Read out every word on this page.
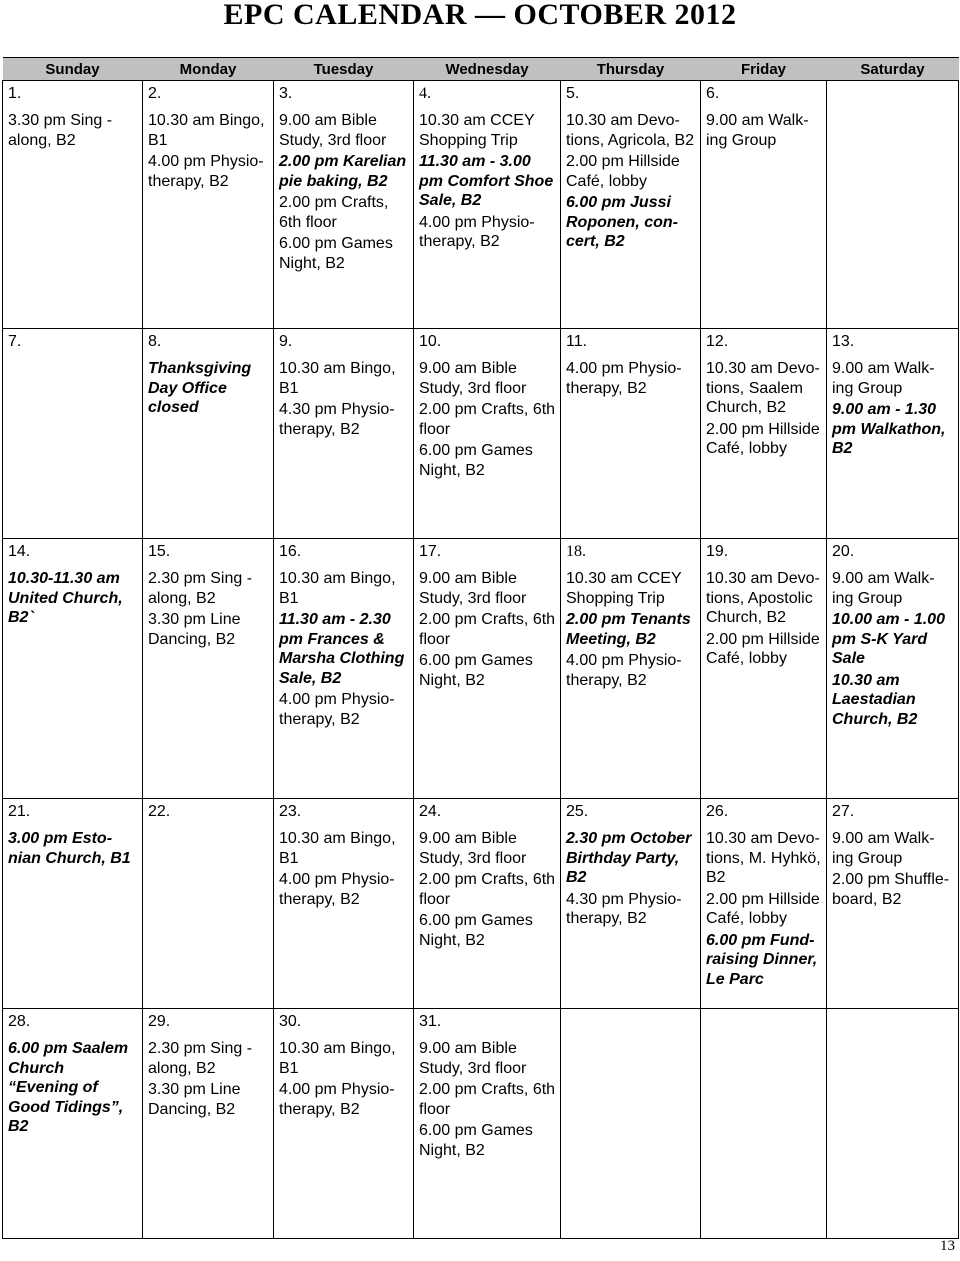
EPC CALENDAR — OCTOBER 2012
Sunday	Monday	Tuesday	Wednesday	Thursday	Friday	Saturday

1.
3.30 pm Sing - along, B2	2.
10.30 am Bingo, B1
4.00 pm Physio-therapy, B2	3.
9.00 am Bible Study, 3rd floor
2.00 pm Karelian pie baking, B2
2.00 pm Crafts, 6th floor
6.00 pm Games Night, B2	4.
10.30 am CCEY Shopping Trip
11.30 am - 3.00 pm Comfort Shoe Sale, B2
4.00 pm Physio-therapy, B2	5.
10.30 am Devo-tions, Agricola, B2
2.00 pm Hillside Café, lobby
6.00 pm Jussi Roponen, con-cert, B2	6.
9.00 am Walk-ing Group	

7.	8.
Thanksgiving Day Office closed	9.
10.30 am Bingo, B1
4.30 pm Physio-therapy, B2	10.
9.00 am Bible Study, 3rd floor
2.00 pm Crafts, 6th floor
6.00 pm Games Night, B2	11.
4.00 pm Physio-therapy, B2	12.
10.30 am Devo-tions, Saalem Church, B2
2.00 pm Hillside Café, lobby	13.
9.00 am Walk-ing Group
9.00 am - 1.30 pm Walkathon, B2

14.
10.30-11.30 am United Church, B2`	15.
2.30 pm Sing - along, B2
3.30 pm Line Dancing, B2	16.
10.30 am Bingo, B1
11.30 am - 2.30 pm Frances & Marsha Clothing Sale, B2
4.00 pm Physio-therapy, B2	17.
9.00 am Bible Study, 3rd floor
2.00 pm Crafts, 6th floor
6.00 pm Games Night, B2	18.
10.30 am CCEY Shopping Trip
2.00 pm Tenants Meeting, B2
4.00 pm Physio-therapy, B2	19.
10.30 am Devo-tions, Apostolic Church, B2
2.00 pm Hillside Café, lobby	20.
9.00 am Walk-ing Group
10.00 am - 1.00 pm S-K Yard Sale
10.30 am Laestadian Church, B2

21.
3.00 pm Esto-nian Church, B1	22.	23.
10.30 am Bingo, B1
4.00 pm Physio-therapy, B2	24.
9.00 am Bible Study, 3rd floor
2.00 pm Crafts, 6th floor
6.00 pm Games Night, B2	25.
2.30 pm October Birthday Party, B2
4.30 pm Physio-therapy, B2	26.
10.30 am Devo-tions, M. Hyhkö, B2
2.00 pm Hillside Café, lobby
6.00 pm Fund-raising Dinner, Le Parc	27.
9.00 am Walk-ing Group
2.00 pm Shuffle-board, B2

28.
6.00 pm Saalem Church “Evening of Good Tidings”, B2	29.
2.30 pm Sing - along, B2
3.30 pm Line Dancing, B2	30.
10.30 am Bingo, B1
4.00 pm Physio-therapy, B2	31.
9.00 am Bible Study, 3rd floor
2.00 pm Crafts, 6th floor
6.00 pm Games Night, B2			

13
